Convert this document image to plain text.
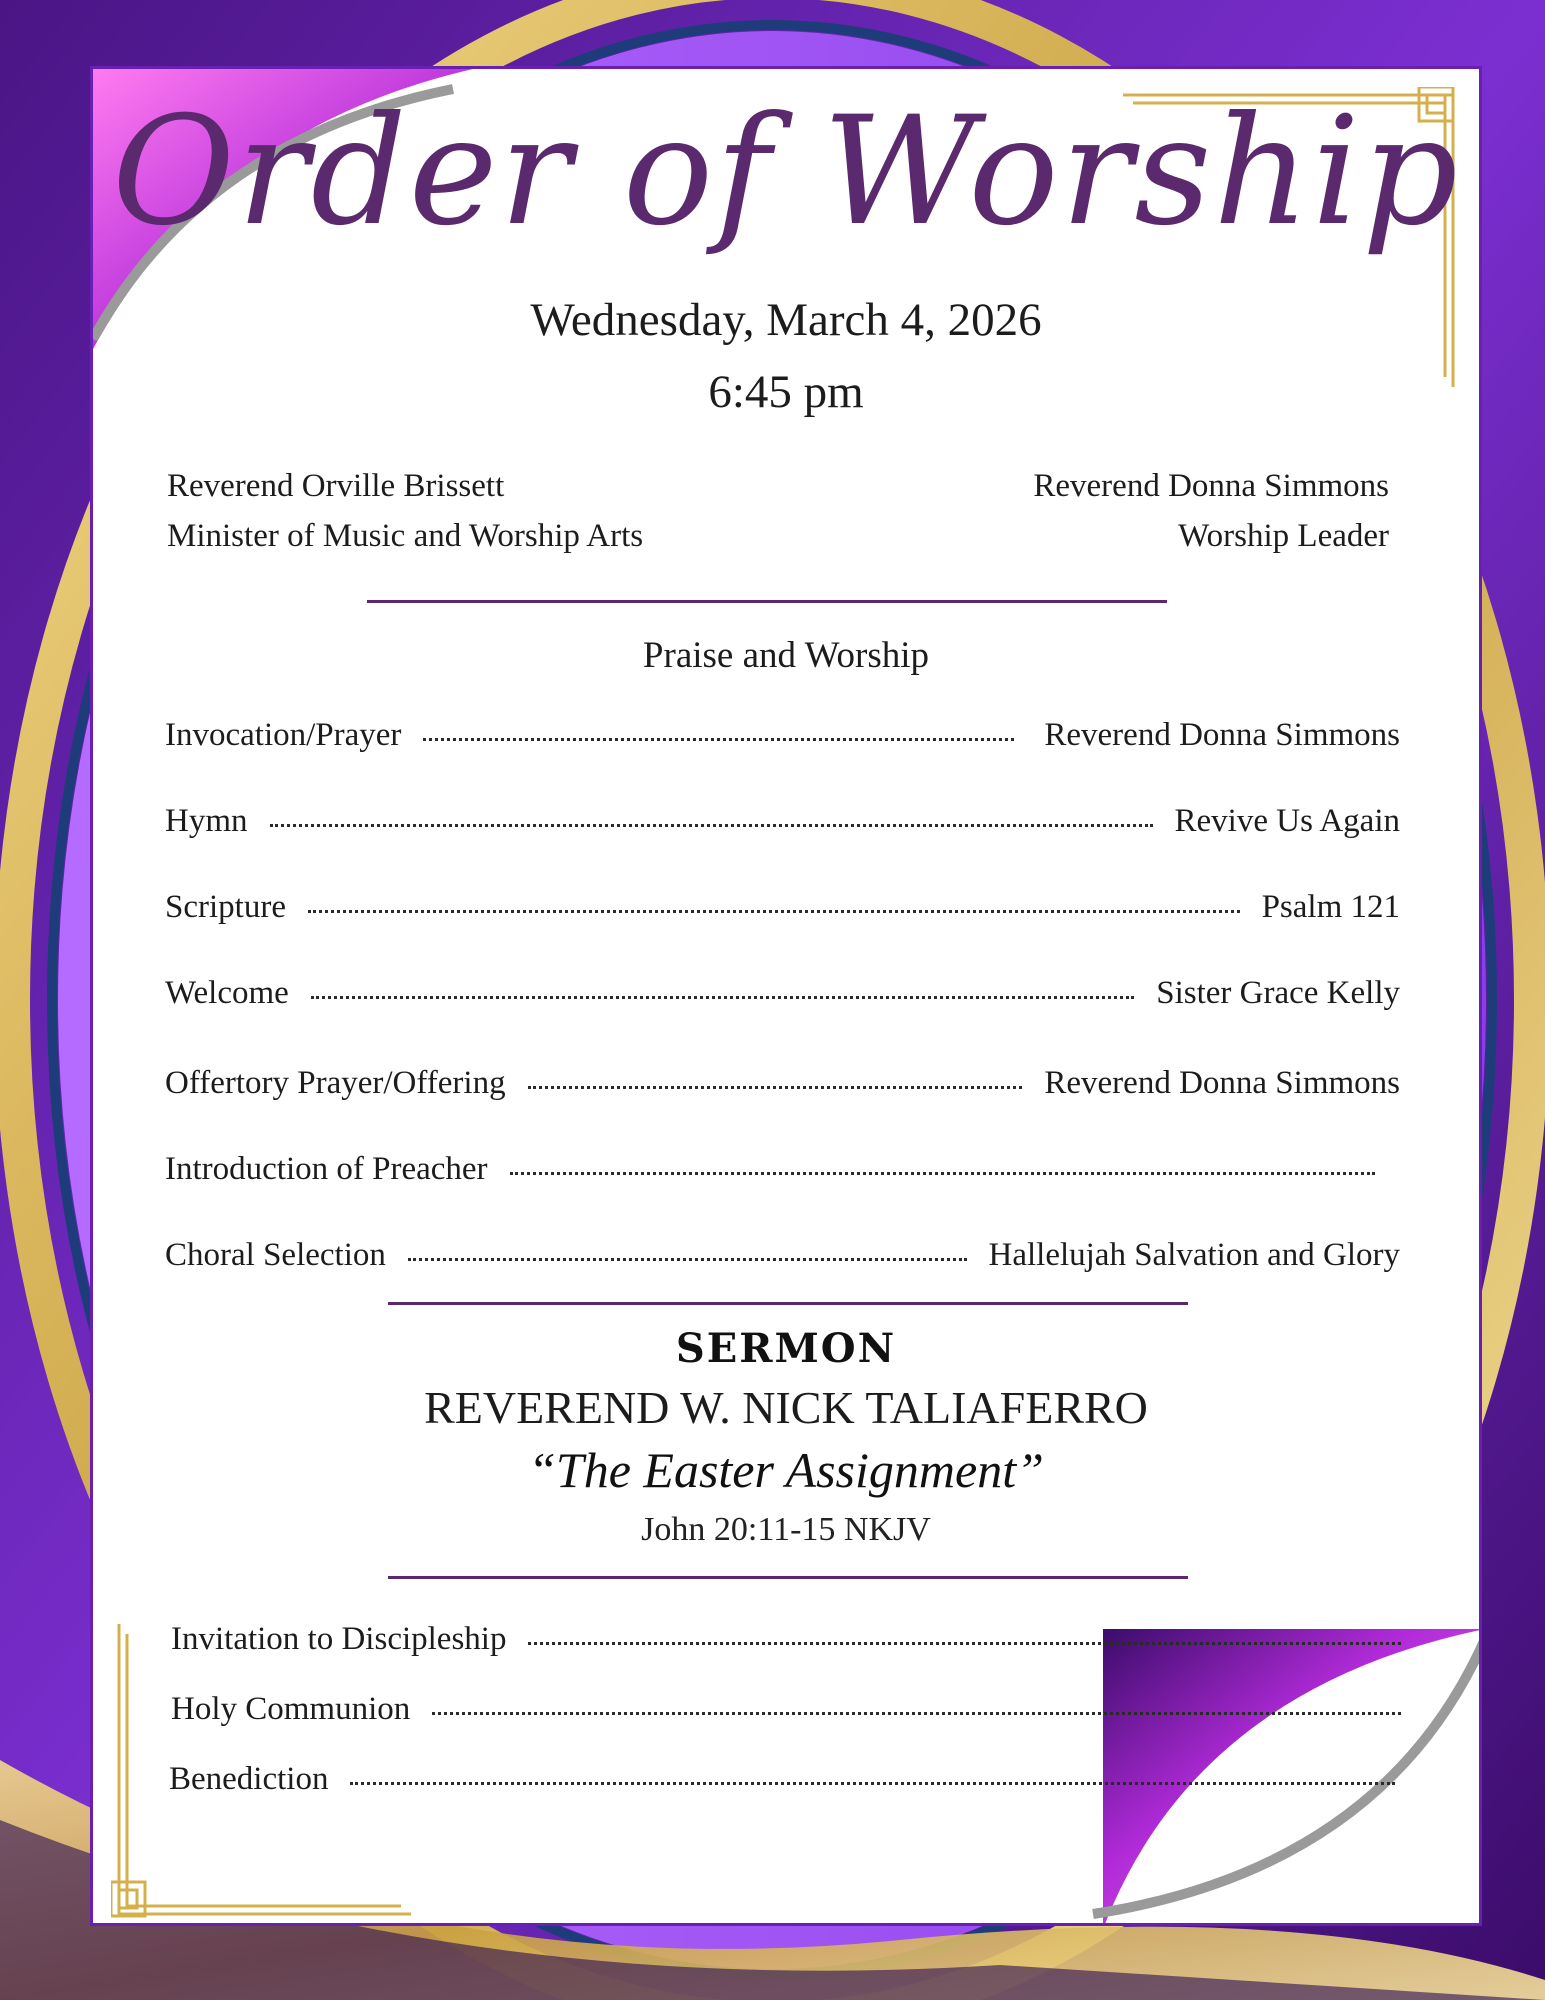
Order of Worship
Wednesday, March 4, 2026
6:45 pm
Reverend Orville Brissett
Minister of Music and Worship Arts
Reverend Donna Simmons
Worship Leader
Praise and Worship
Invocation/Prayer	Reverend Donna Simmons
Hymn	Revive Us Again
Scripture	Psalm 121
Welcome	Sister Grace Kelly
Offertory Prayer/Offering	Reverend Donna Simmons
Introduction of Preacher
Choral Selection	Hallelujah Salvation and Glory
SERMON
REVEREND W. NICK TALIAFERRO
“The Easter Assignment”
John 20:11-15 NKJV
Invitation to Discipleship
Holy Communion
Benediction
